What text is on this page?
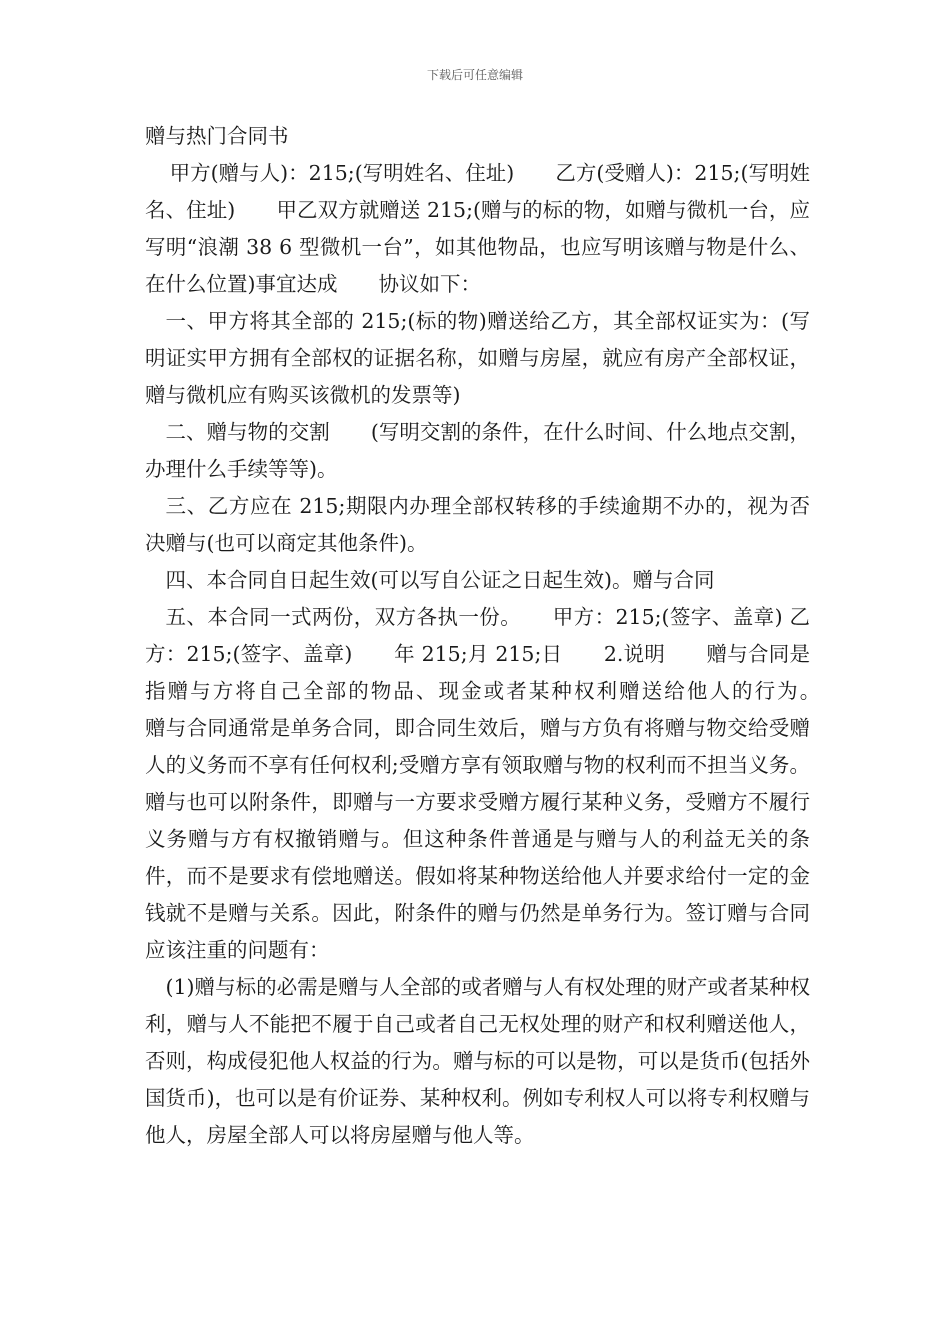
下载后可任意编辑
赠与热门合同书

甲方(赠与人)：215;(写明姓名、住址)　　乙方(受赠人)：215;(写明姓名、住址)　　甲乙双方就赠送 215;(赠与的标的物，如赠与微机一台，应写明“浪潮 38 6 型微机一台”，如其他物品，也应写明该赠与物是什么、在什么位置)事宜达成　　协议如下：

一、甲方将其全部的 215;(标的物)赠送给乙方，其全部权证实为：(写明证实甲方拥有全部权的证据名称，如赠与房屋，就应有房产全部权证，赠与微机应有购买该微机的发票等)

二、赠与物的交割　　(写明交割的条件，在什么时间、什么地点交割，办理什么手续等等)。

三、乙方应在 215;期限内办理全部权转移的手续逾期不办的，视为否决赠与(也可以商定其他条件)。

四、本合同自日起生效(可以写自公证之日起生效)。赠与合同

五、本合同一式两份，双方各执一份。　　甲方：215;(签字、盖章) 乙方：215;(签字、盖章)　　年 215;月 215;日　　2.说明　　赠与合同是指赠与方将自己全部的物品、现金或者某种权利赠送给他人的行为。　　赠与合同通常是单务合同，即合同生效后，赠与方负有将赠与物交给受赠人的义务而不享有任何权利;受赠方享有领取赠与物的权利而不担当义务。赠与也可以附条件，即赠与一方要求受赠方履行某种义务，受赠方不履行义务赠与方有权撤销赠与。但这种条件普通是与赠与人的利益无关的条件，而不是要求有偿地赠送。假如将某种物送给他人并要求给付一定的金钱就不是赠与关系。因此，附条件的赠与仍然是单务行为。签订赠与合同应该注重的问题有：

(1)赠与标的必需是赠与人全部的或者赠与人有权处理的财产或者某种权利，赠与人不能把不履于自己或者自己无权处理的财产和权利赠送他人，否则，构成侵犯他人权益的行为。赠与标的可以是物，可以是货币(包括外国货币)，也可以是有价证券、某种权利。例如专利权人可以将专利权赠与他人，房屋全部人可以将房屋赠与他人等。
